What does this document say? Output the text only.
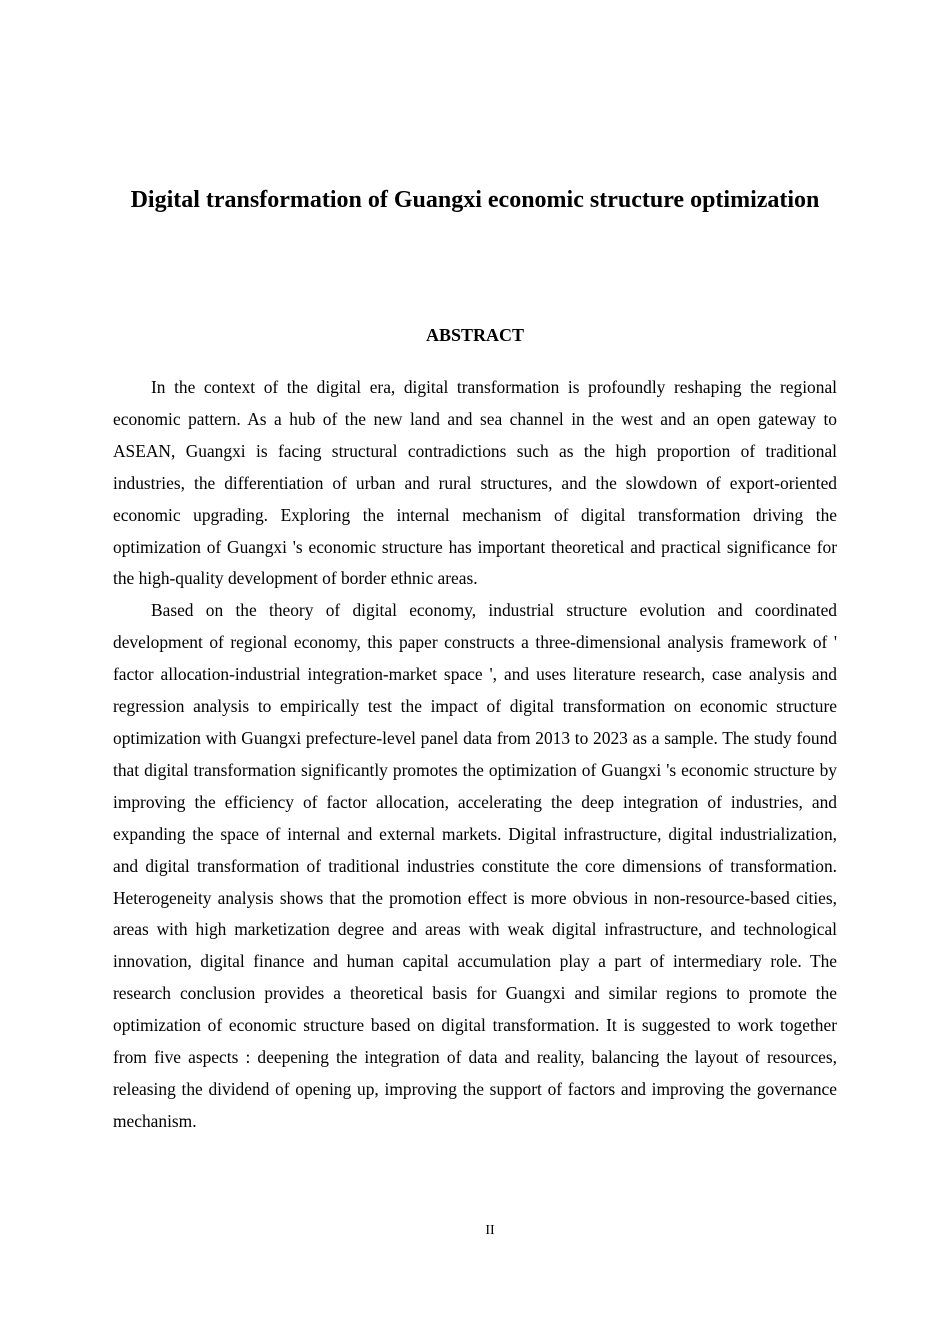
Digital transformation of Guangxi economic structure optimization
ABSTRACT

In the context of the digital era, digital transformation is profoundly reshaping the regional economic pattern. As a hub of the new land and sea channel in the west and an open gateway to ASEAN, Guangxi is facing structural contradictions such as the high proportion of traditional industries, the differentiation of urban and rural structures, and the slowdown of export-oriented economic upgrading. Exploring the internal mechanism of digital transformation driving the optimization of Guangxi 's economic structure has important theoretical and practical significance for the high-quality development of border ethnic areas.

Based on the theory of digital economy, industrial structure evolution and coordinated development of regional economy, this paper constructs a three-dimensional analysis framework of ' factor allocation-industrial integration-market space ', and uses literature research, case analysis and regression analysis to empirically test the impact of digital transformation on economic structure optimization with Guangxi prefecture-level panel data from 2013 to 2023 as a sample. The study found that digital transformation significantly promotes the optimization of Guangxi 's economic structure by improving the efficiency of factor allocation, accelerating the deep integration of industries, and expanding the space of internal and external markets. Digital infrastructure, digital industrialization, and digital transformation of traditional industries constitute the core dimensions of transformation. Heterogeneity analysis shows that the promotion effect is more obvious in non-resource-based cities, areas with high marketization degree and areas with weak digital infrastructure, and technological innovation, digital finance and human capital accumulation play a part of intermediary role. The research conclusion provides a theoretical basis for Guangxi and similar regions to promote the optimization of economic structure based on digital transformation. It is suggested to work together from five aspects : deepening the integration of data and reality, balancing the layout of resources, releasing the dividend of opening up, improving the support of factors and improving the governance mechanism.

II
